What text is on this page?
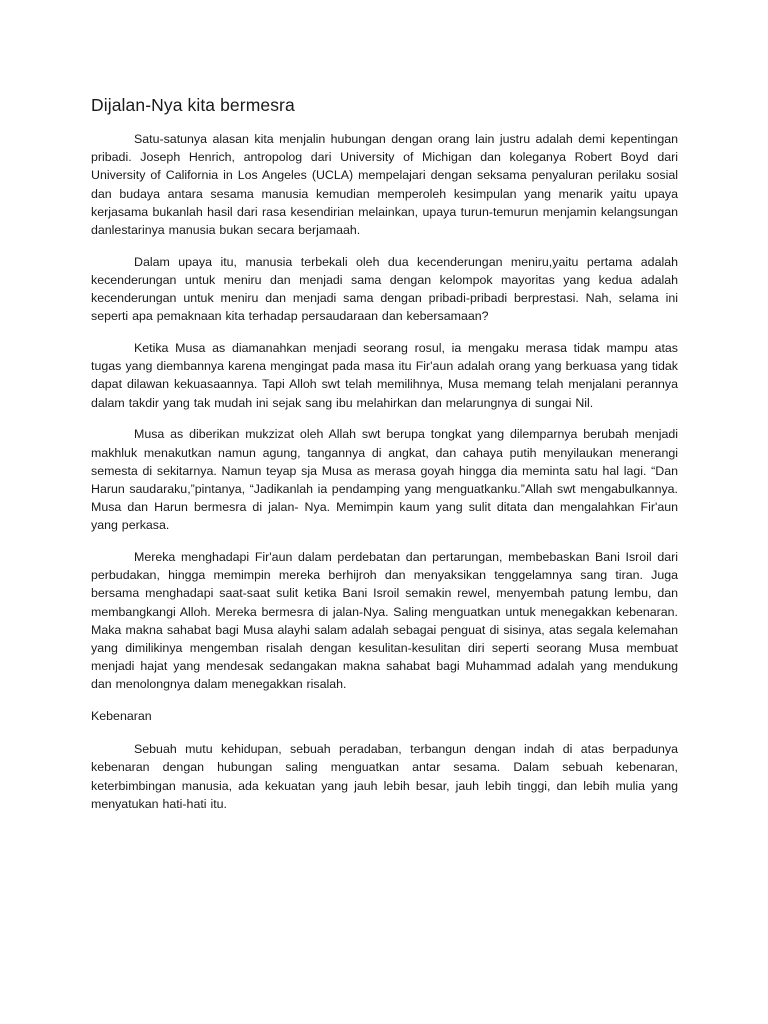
Dijalan-Nya kita bermesra

Satu-satunya alasan kita menjalin hubungan dengan orang lain justru adalah demi kepentingan pribadi. Joseph Henrich, antropolog dari University of Michigan dan koleganya Robert Boyd dari University of California in Los Angeles (UCLA) mempelajari dengan seksama penyaluran perilaku sosial dan budaya antara sesama manusia kemudian memperoleh kesimpulan yang menarik yaitu upaya kerjasama bukanlah hasil dari rasa kesendirian melainkan, upaya turun-temurun menjamin kelangsungan danlestarinya manusia bukan secara berjamaah.

Dalam upaya itu, manusia terbekali oleh dua kecenderungan meniru,yaitu pertama adalah kecenderungan untuk meniru dan menjadi sama dengan kelompok mayoritas yang kedua adalah kecenderungan untuk meniru dan menjadi sama dengan pribadi-pribadi berprestasi. Nah, selama ini seperti apa pemaknaan kita terhadap persaudaraan dan kebersamaan?

Ketika Musa as diamanahkan menjadi seorang rosul, ia mengaku merasa tidak mampu atas tugas yang diembannya karena mengingat pada masa itu Fir'aun adalah orang yang berkuasa yang tidak dapat dilawan kekuasaannya. Tapi Alloh swt telah memilihnya, Musa memang telah menjalani perannya dalam takdir yang tak mudah ini sejak sang ibu melahirkan dan melarungnya di sungai Nil.

Musa as diberikan mukzizat oleh Allah swt berupa tongkat yang dilemparnya berubah menjadi makhluk menakutkan namun agung, tangannya di angkat, dan cahaya putih menyilaukan menerangi semesta di sekitarnya. Namun teyap sja Musa as merasa goyah hingga dia meminta satu hal lagi. “Dan Harun saudaraku,”pintanya, “Jadikanlah ia pendamping yang menguatkanku.”Allah swt mengabulkannya. Musa dan Harun bermesra di jalan- Nya. Memimpin kaum yang sulit ditata dan mengalahkan Fir'aun yang perkasa.

Mereka menghadapi Fir'aun dalam perdebatan dan pertarungan, membebaskan Bani Isroil dari perbudakan, hingga memimpin mereka berhijroh dan menyaksikan tenggelamnya sang tiran. Juga bersama menghadapi saat-saat sulit ketika Bani Isroil semakin rewel, menyembah patung lembu, dan membangkangi Alloh. Mereka bermesra di jalan-Nya. Saling menguatkan untuk menegakkan kebenaran. Maka makna sahabat bagi Musa alayhi salam adalah sebagai penguat di sisinya, atas segala kelemahan yang dimilikinya mengemban risalah dengan kesulitan-kesulitan diri seperti seorang Musa membuat menjadi hajat yang mendesak sedangakan makna sahabat bagi Muhammad adalah yang mendukung dan menolongnya dalam menegakkan risalah.

Kebenaran

Sebuah mutu kehidupan, sebuah peradaban, terbangun dengan indah di atas berpadunya kebenaran dengan hubungan saling menguatkan antar sesama. Dalam sebuah kebenaran, keterbimbingan manusia, ada kekuatan yang jauh lebih besar, jauh lebih tinggi, dan lebih mulia yang menyatukan hati-hati itu.
